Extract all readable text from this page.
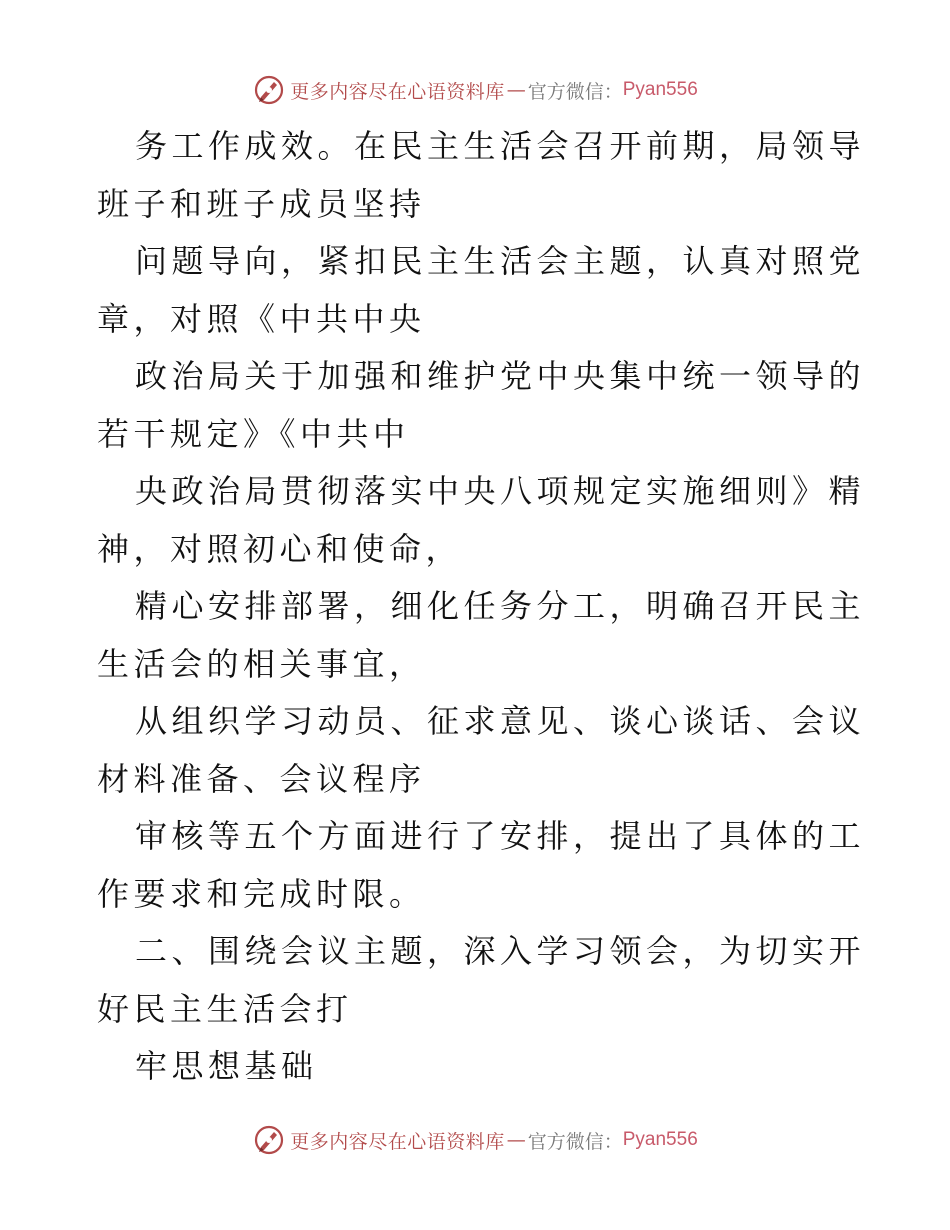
更多内容尽在心语资料库 — 官方微信： Pyan556

务工作成效。在民主生活会召开前期，局领导班子和班子成员坚持

问题导向，紧扣民主生活会主题，认真对照党章，对照《中共中央

政治局关于加强和维护党中央集中统一领导的若干规定》《中共中

央政治局贯彻落实中央八项规定实施细则》精神，对照初心和使命，

精心安排部署，细化任务分工，明确召开民主生活会的相关事宜，

从组织学习动员、征求意见、谈心谈话、会议材料准备、会议程序

审核等五个方面进行了安排，提出了具体的工作要求和完成时限。

二、围绕会议主题，深入学习领会，为切实开好民主生活会打

牢思想基础

更多内容尽在心语资料库 — 官方微信： Pyan556
